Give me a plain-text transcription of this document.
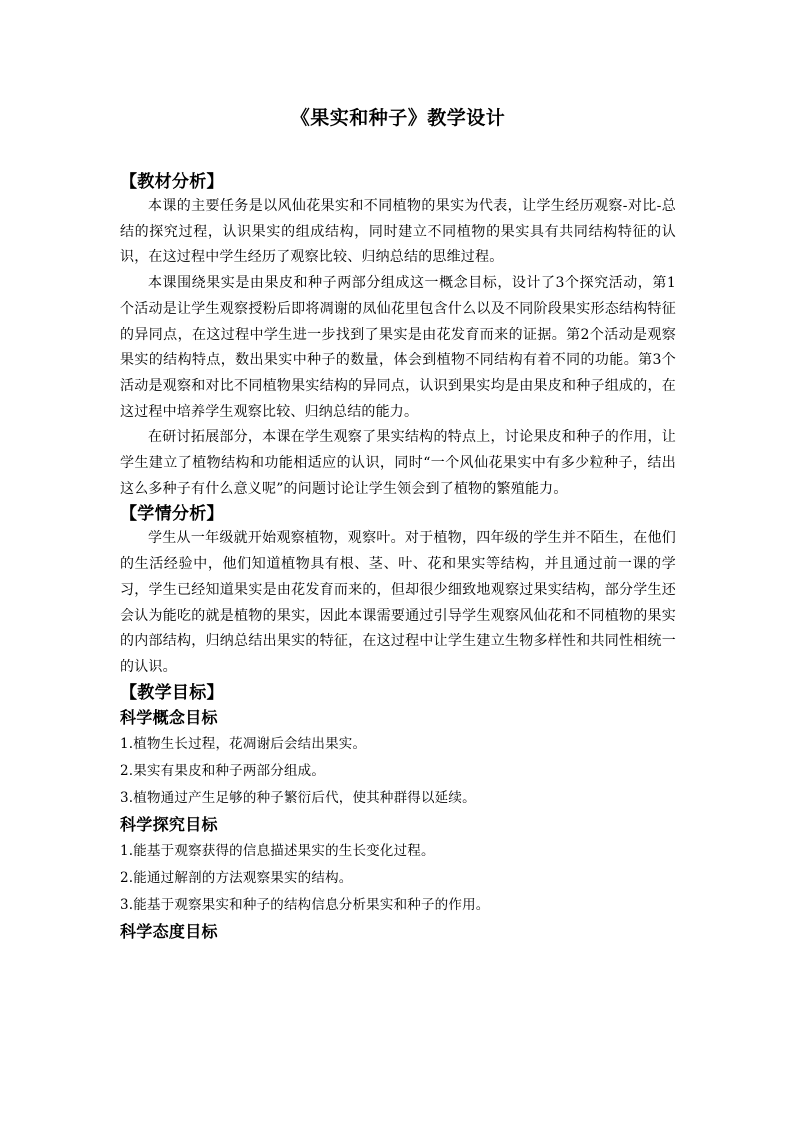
《果实和种子》教学设计
【教材分析】

本课的主要任务是以风仙花果实和不同植物的果实为代表，让学生经历观察-对比-总结的探究过程，认识果实的组成结构，同时建立不同植物的果实具有共同结构特征的认识，在这过程中学生经历了观察比较、归纳总结的思维过程。

本课围绕果实是由果皮和种子两部分组成这一概念目标，设计了3个探究活动，第1个活动是让学生观察授粉后即将凋谢的凤仙花里包含什么以及不同阶段果实形态结构特征的异同点，在这过程中学生进一步找到了果实是由花发育而来的证据。第2个活动是观察果实的结构特点，数出果实中种子的数量，体会到植物不同结构有着不同的功能。第3个活动是观察和对比不同植物果实结构的异同点，认识到果实均是由果皮和种子组成的，在这过程中培养学生观察比较、归纳总结的能力。

在研讨拓展部分，本课在学生观察了果实结构的特点上，讨论果皮和种子的作用，让学生建立了植物结构和功能相适应的认识，同时“一个风仙花果实中有多少粒种子，结出这么多种子有什么意义呢”的问题讨论让学生领会到了植物的繁殖能力。

【学情分析】

学生从一年级就开始观察植物，观察叶。对于植物，四年级的学生并不陌生，在他们的生活经验中，他们知道植物具有根、茎、叶、花和果实等结构，并且通过前一课的学习，学生已经知道果实是由花发育而来的，但却很少细致地观察过果实结构，部分学生还会认为能吃的就是植物的果实，因此本课需要通过引导学生观察风仙花和不同植物的果实的内部结构，归纳总结出果实的特征，在这过程中让学生建立生物多样性和共同性相统一的认识。

【教学目标】
科学概念目标
1.植物生长过程，花凋谢后会结出果实。
2.果实有果皮和种子两部分组成。
3.植物通过产生足够的种子繁衍后代，使其种群得以延续。
科学探究目标
1.能基于观察获得的信息描述果实的生长变化过程。
2.能通过解剖的方法观察果实的结构。
3.能基于观察果实和种子的结构信息分析果实和种子的作用。
科学态度目标
